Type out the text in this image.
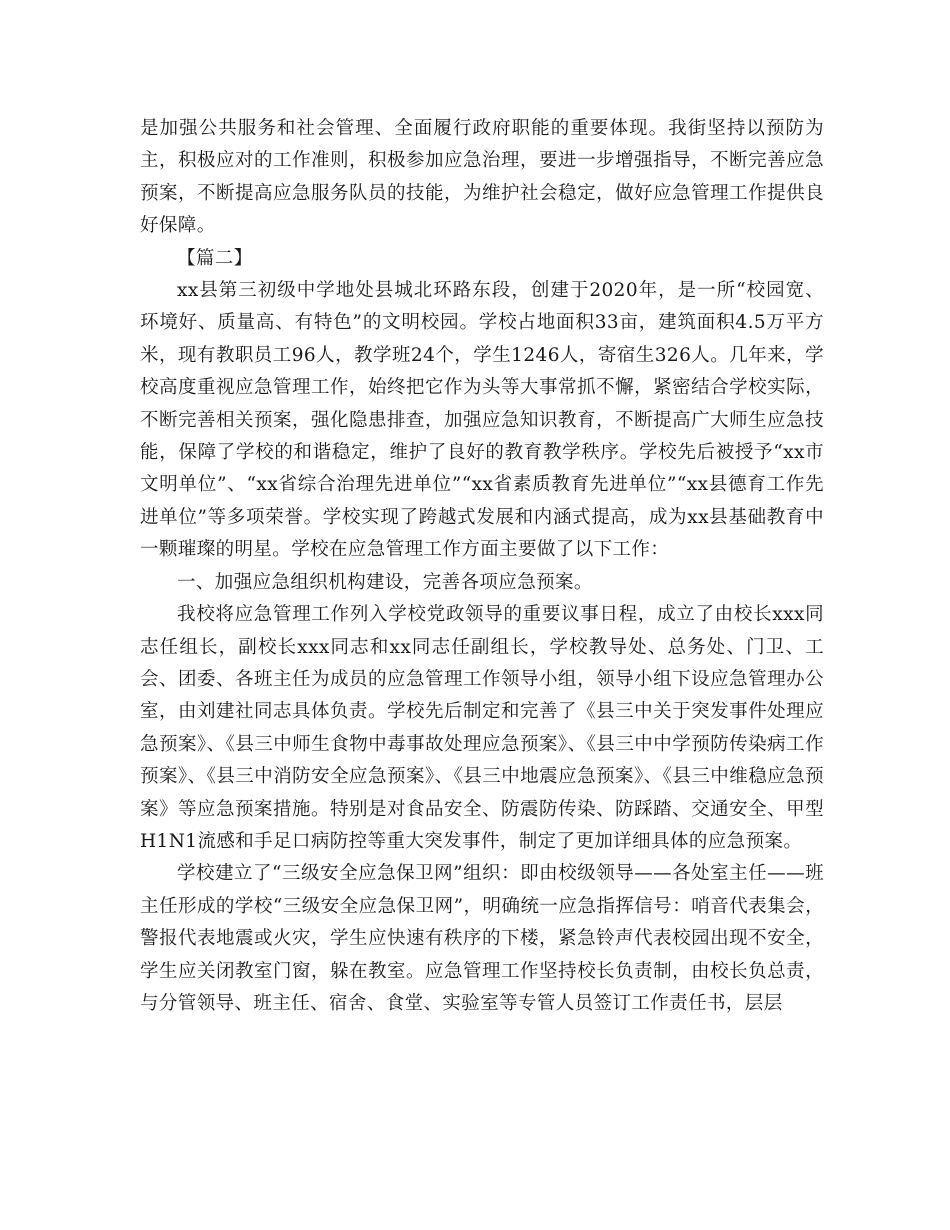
是加强公共服务和社会管理、全面履行政府职能的重要体现。我街坚持以预防为主，积极应对的工作准则，积极参加应急治理，要进一步增强指导，不断完善应急预案，不断提高应急服务队员的技能，为维护社会稳定，做好应急管理工作提供良好保障。

【篇二】

xx县第三初级中学地处县城北环路东段，创建于2020年，是一所“校园宽、环境好、质量高、有特色”的文明校园。学校占地面积33亩，建筑面积4.5万平方米，现有教职员工96人，教学班24个，学生1246人，寄宿生326人。几年来，学校高度重视应急管理工作，始终把它作为头等大事常抓不懈，紧密结合学校实际，不断完善相关预案，强化隐患排查，加强应急知识教育，不断提高广大师生应急技能，保障了学校的和谐稳定，维护了良好的教育教学秩序。学校先后被授予“xx市文明单位”、“xx省综合治理先进单位”“xx省素质教育先进单位”“xx县德育工作先进单位”等多项荣誉。学校实现了跨越式发展和内涵式提高，成为xx县基础教育中一颗璀璨的明星。学校在应急管理工作方面主要做了以下工作：

一、加强应急组织机构建设，完善各项应急预案。

我校将应急管理工作列入学校党政领导的重要议事日程，成立了由校长xxx同志任组长，副校长xxx同志和xx同志任副组长，学校教导处、总务处、门卫、工会、团委、各班主任为成员的应急管理工作领导小组，领导小组下设应急管理办公室，由刘建社同志具体负责。学校先后制定和完善了《县三中关于突发事件处理应急预案》、《县三中师生食物中毒事故处理应急预案》、《县三中中学预防传染病工作预案》、《县三中消防安全应急预案》、《县三中地震应急预案》、《县三中维稳应急预案》等应急预案措施。特别是对食品安全、防震防传染、防踩踏、交通安全、甲型H1N1流感和手足口病防控等重大突发事件，制定了更加详细具体的应急预案。

学校建立了“三级安全应急保卫网”组织：即由校级领导——各处室主任——班主任形成的学校“三级安全应急保卫网”，明确统一应急指挥信号：哨音代表集会，警报代表地震或火灾，学生应快速有秩序的下楼，紧急铃声代表校园出现不安全，学生应关闭教室门窗，躲在教室。应急管理工作坚持校长负责制，由校长负总责，与分管领导、班主任、宿舍、食堂、实验室等专管人员签订工作责任书，层层
